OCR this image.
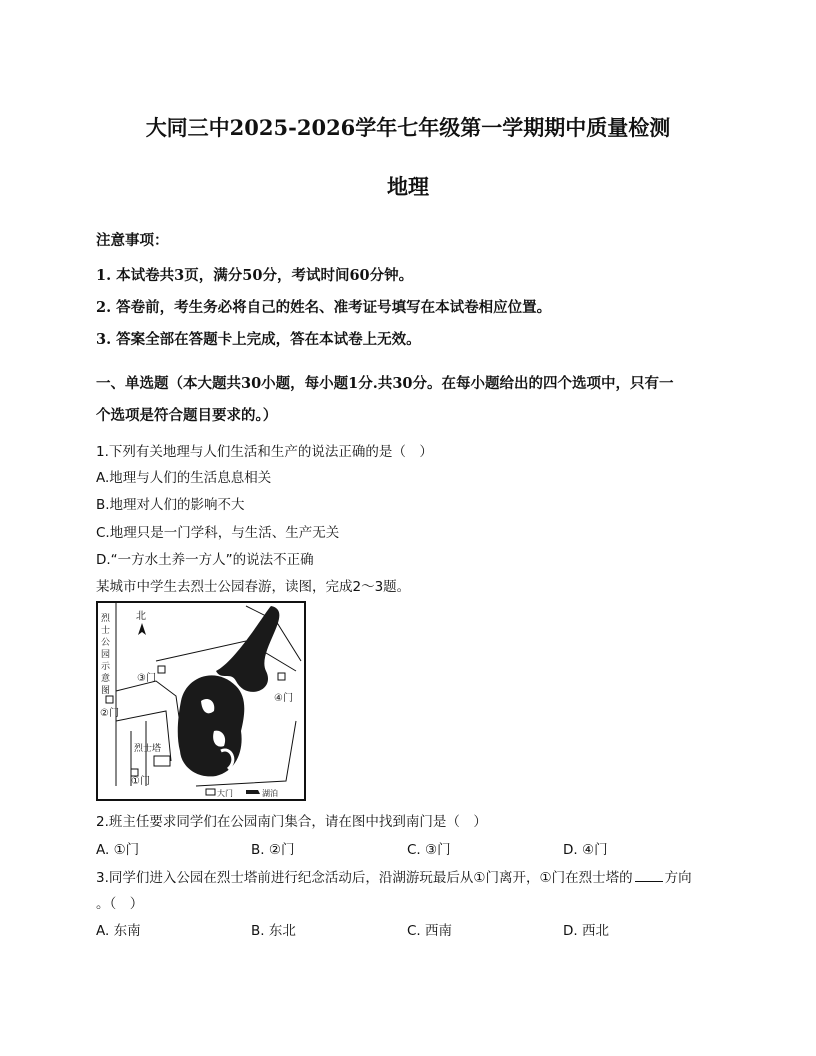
大同三中2025-2026学年七年级第一学期期中质量检测
地理
注意事项：
1. 本试卷共3页，满分50分，考试时间60分钟。
2. 答卷前，考生务必将自己的姓名、准考证号填写在本试卷相应位置。
3. 答案全部在答题卡上完成，答在本试卷上无效。
一、单选题（本大题共30小题，每小题1分.共30分。在每小题给出的四个选项中，只有一
个选项是符合题目要求的。）
1.下列有关地理与人们生活和生产的说法正确的是（　）
A.地理与人们的生活息息相关
B.地理对人们的影响不大
C.地理只是一门学科，与生活、生产无关
D.“一方水土养一方人”的说法不正确
某城市中学生去烈士公园春游，读图，完成2～3题。
烈士公园示意图
北
③门
②门
④门
烈士塔
①门
大门	湖泊
2.班主任要求同学们在公园南门集合，请在图中找到南门是（　）
A. ①门	B. ②门	C. ③门	D. ④门
3.同学们进入公园在烈士塔前进行纪念活动后，沿湖游玩最后从①门离开，①门在烈士塔的 方向
。（　）
A. 东南	B. 东北	C. 西南	D. 西北
